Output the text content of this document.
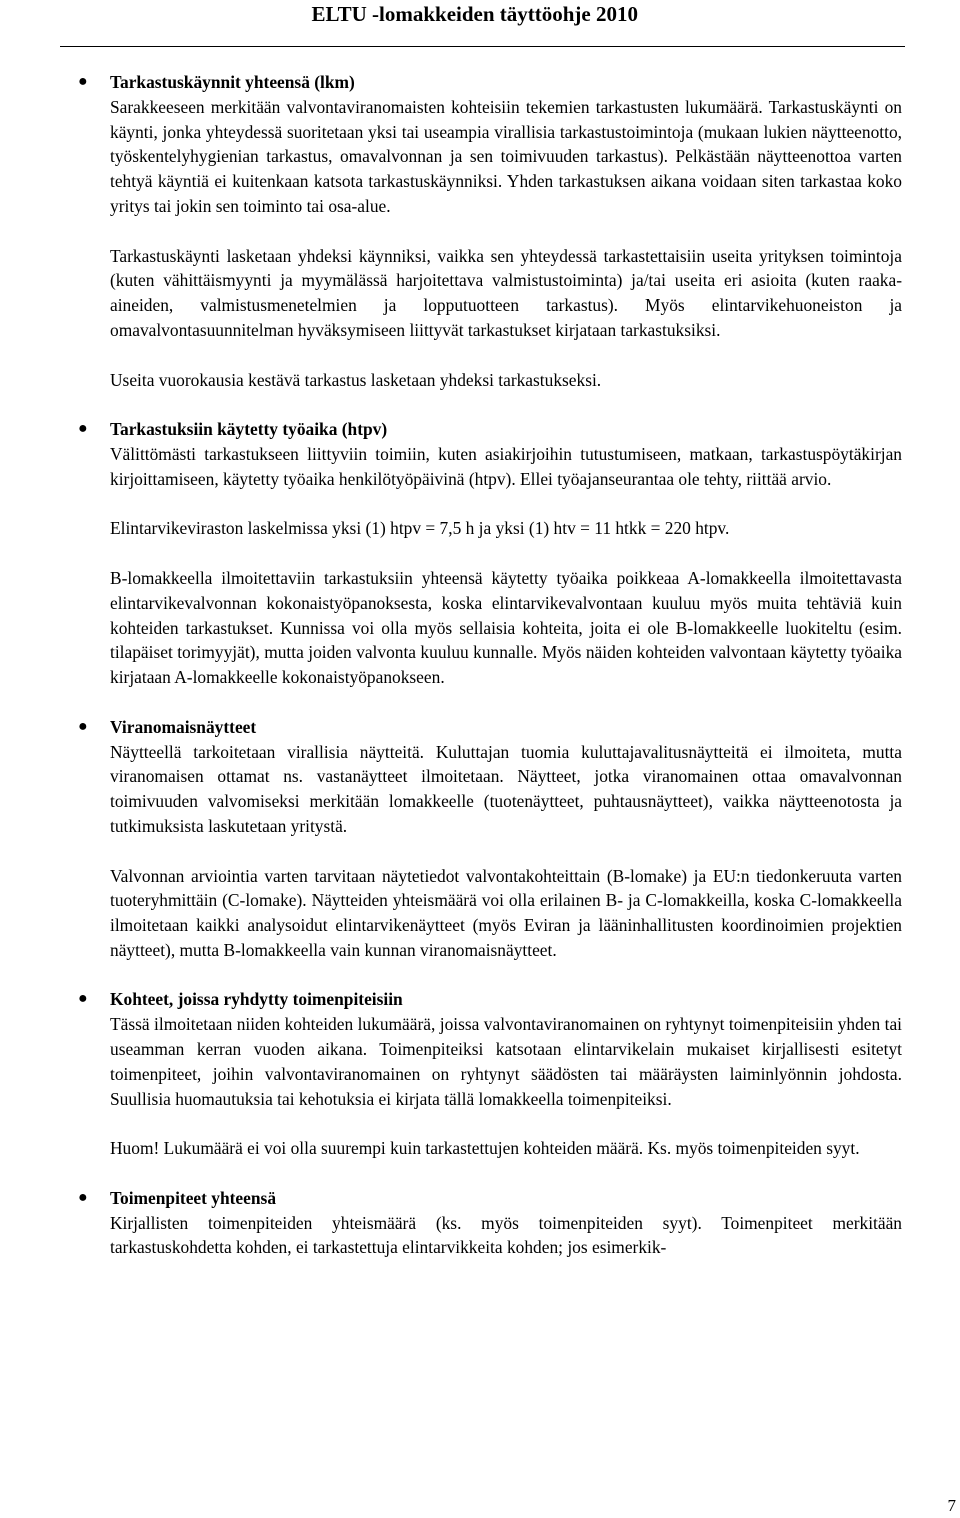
ELTU -lomakkeiden täyttöohje 2010
● Tarkastuskäynnit yhteensä (lkm)

Sarakkeeseen merkitään valvontaviranomaisten kohteisiin tekemien tarkastusten lukumäärä. Tarkastuskäynti on käynti, jonka yhteydessä suoritetaan yksi tai useampia virallisia tarkastustoimintoja (mukaan lukien näytteenotto, työskentelyhygienian tarkastus, omavalvonnan ja sen toimivuuden tarkastus). Pelkästään näytteenottoa varten tehtyä käyntiä ei kuitenkaan katsota tarkastuskäynniksi. Yhden tarkastuksen aikana voidaan siten tarkastaa koko yritys tai jokin sen toiminto tai osa-alue.

Tarkastuskäynti lasketaan yhdeksi käynniksi, vaikka sen yhteydessä tarkastettaisiin useita yrityksen toimintoja (kuten vähittäismyynti ja myymälässä harjoitettava valmistustoiminta) ja/tai useita eri asioita (kuten raaka-aineiden, valmistusmenetelmien ja lopputuotteen tarkastus). Myös elintarvikehuoneiston ja omavalvontasuunnitelman hyväksymiseen liittyvät tarkastukset kirjataan tarkastuksiksi.

Useita vuorokausia kestävä tarkastus lasketaan yhdeksi tarkastukseksi.

● Tarkastuksiin käytetty työaika (htpv)

Välittömästi tarkastukseen liittyviin toimiin, kuten asiakirjoihin tutustumiseen, matkaan, tarkastuspöytäkirjan kirjoittamiseen, käytetty työaika henkilötyöpäivinä (htpv). Ellei työajanseurantaa ole tehty, riittää arvio.

Elintarvikeviraston laskelmissa yksi (1) htpv = 7,5 h ja yksi (1) htv = 11 htkk = 220 htpv.

B-lomakkeella ilmoitettaviin tarkastuksiin yhteensä käytetty työaika poikkeaa A-lomakkeella ilmoitettavasta elintarvikevalvonnan kokonaistyöpanoksesta, koska elintarvikevalvontaan kuuluu myös muita tehtäviä kuin kohteiden tarkastukset. Kunnissa voi olla myös sellaisia kohteita, joita ei ole B-lomakkeelle luokiteltu (esim. tilapäiset torimyyjät), mutta joiden valvonta kuuluu kunnalle. Myös näiden kohteiden valvontaan käytetty työaika kirjataan A-lomakkeelle kokonaistyöpanokseen.

● Viranomaisnäytteet

Näytteellä tarkoitetaan virallisia näytteitä. Kuluttajan tuomia kuluttajavalitusnäytteitä ei ilmoiteta, mutta viranomaisen ottamat ns. vastanäytteet ilmoitetaan. Näytteet, jotka viranomainen ottaa omavalvonnan toimivuuden valvomiseksi merkitään lomakkeelle (tuotenäytteet, puhtausnäytteet), vaikka näytteenotosta ja tutkimuksista laskutetaan yritystä.

Valvonnan arviointia varten tarvitaan näytetiedot valvontakohteittain (B-lomake) ja EU:n tiedonkeruuta varten tuoteryhmittäin (C-lomake). Näytteiden yhteismäärä voi olla erilainen B- ja C-lomakkeilla, koska C-lomakkeella ilmoitetaan kaikki analysoidut elintarvikenäytteet (myös Eviran ja lääninhallitusten koordinoimien projektien näytteet), mutta B-lomakkeella vain kunnan viranomaisnäytteet.

● Kohteet, joissa ryhdytty toimenpiteisiin

Tässä ilmoitetaan niiden kohteiden lukumäärä, joissa valvontaviranomainen on ryhtynyt toimenpiteisiin yhden tai useamman kerran vuoden aikana. Toimenpiteiksi katsotaan elintarvikelain mukaiset kirjallisesti esitetyt toimenpiteet, joihin valvontaviranomainen on ryhtynyt säädösten tai määräysten laiminlyönnin johdosta. Suullisia huomautuksia tai kehotuksia ei kirjata tällä lomakkeella toimenpiteiksi.

Huom! Lukumäärä ei voi olla suurempi kuin tarkastettujen kohteiden määrä. Ks. myös toimenpiteiden syyt.

● Toimenpiteet yhteensä

Kirjallisten toimenpiteiden yhteismäärä (ks. myös toimenpiteiden syyt). Toimenpiteet merkitään tarkastuskohdetta kohden, ei tarkastettuja elintarvikkeita kohden; jos esimerkik-

7
